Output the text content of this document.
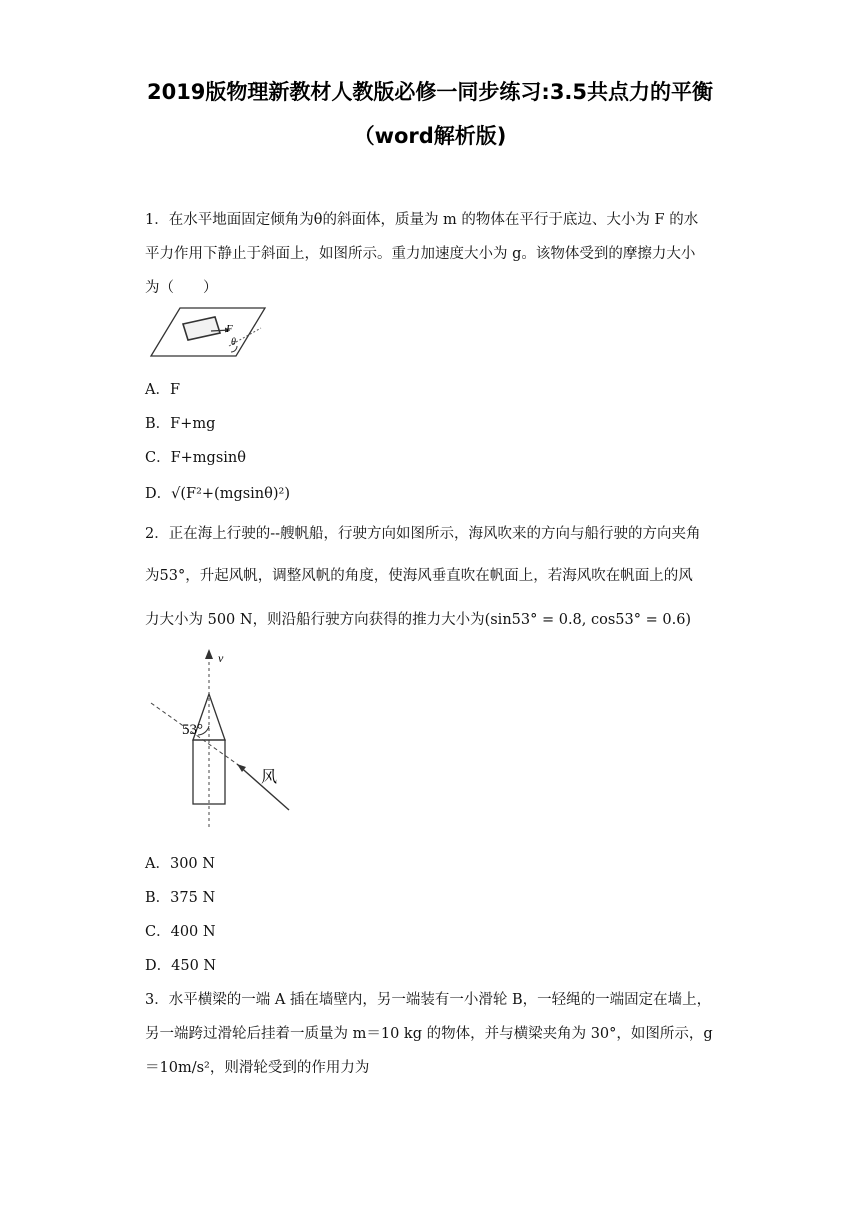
2019版物理新教材人教版必修一同步练习:3.5共点力的平衡
（word解析版)
1．在水平地面固定倾角为θ的斜面体，质量为 m 的物体在平行于底边、大小为 F 的水
平力作用下静止于斜面上，如图所示。重力加速度大小为 g。该物体受到的摩擦力大小
为（　　）
F
θ
A．F
B．F+mg
C．F+mgsinθ
D．√(F²+(mgsinθ)²)
2．正在海上行驶的--艘帆船，行驶方向如图所示，海风吹来的方向与船行驶的方向夹角
为53°，升起风帆，调整风帆的角度，使海风垂直吹在帆面上，若海风吹在帆面上的风
力大小为 500 N，则沿船行驶方向获得的推力大小为(sin53° = 0.8, cos53° = 0.6)
v
53°
风
A．300 N
B．375 N
C．400 N
D．450 N
3．水平横梁的一端 A 插在墙壁内，另一端装有一小滑轮 B，一轻绳的一端固定在墙上，
另一端跨过滑轮后挂着一质量为 m＝10 kg 的物体，并与横梁夹角为 30°，如图所示，g
＝10m/s²，则滑轮受到的作用力为
